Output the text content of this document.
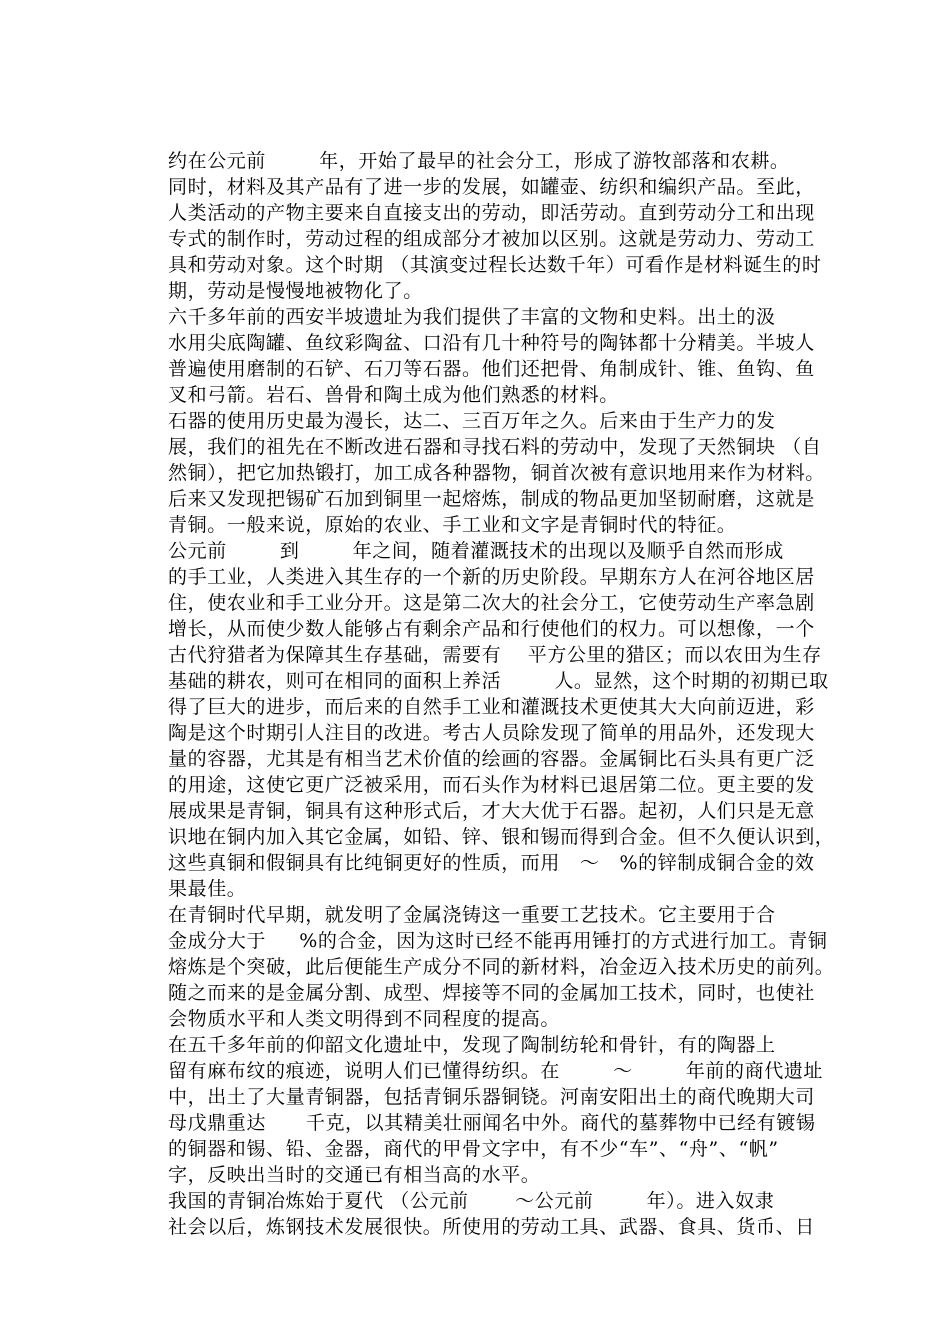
约在公元前        年，开始了最早的社会分工，形成了游牧部落和农耕。
同时，材料及其产品有了进一步的发展，如罐壶、纺织和编织产品。至此，
人类活动的产物主要来自直接支出的劳动，即活劳动。直到劳动分工和出现
专式的制作时，劳动过程的组成部分才被加以区别。这就是劳动力、劳动工
具和劳动对象。这个时期 （其演变过程长达数千年）可看作是材料诞生的时
期，劳动是慢慢地被物化了。
六千多年前的西安半坡遗址为我们提供了丰富的文物和史料。出土的汲
水用尖底陶罐、鱼纹彩陶盆、口沿有几十种符号的陶钵都十分精美。半坡人
普遍使用磨制的石铲、石刀等石器。他们还把骨、角制成针、锥、鱼钩、鱼
叉和弓箭。岩石、兽骨和陶土成为他们熟悉的材料。
石器的使用历史最为漫长，达二、三百万年之久。后来由于生产力的发
展，我们的祖先在不断改进石器和寻找石料的劳动中，发现了天然铜块 （自
然铜），把它加热锻打，加工成各种器物，铜首次被有意识地用来作为材料。
后来又发现把锡矿石加到铜里一起熔炼，制成的物品更加坚韧耐磨，这就是
青铜。一般来说，原始的农业、手工业和文字是青铜时代的特征。
公元前        到        年之间，随着灌溉技术的出现以及顺乎自然而形成
的手工业，人类进入其生存的一个新的历史阶段。早期东方人在河谷地区居
住，使农业和手工业分开。这是第二次大的社会分工，它使劳动生产率急剧
增长，从而使少数人能够占有剩余产品和行使他们的权力。可以想像，一个
古代狩猎者为保障其生存基础，需要有    平方公里的猎区；而以农田为生存
基础的耕农，则可在相同的面积上养活        人。显然，这个时期的初期已取
得了巨大的进步，而后来的自然手工业和灌溉技术更使其大大向前迈进，彩
陶是这个时期引人注目的改进。考古人员除发现了简单的用品外，还发现大
量的容器，尤其是有相当艺术价值的绘画的容器。金属铜比石头具有更广泛
的用途，这使它更广泛被采用，而石头作为材料已退居第二位。更主要的发
展成果是青铜，铜具有这种形式后，才大大优于石器。起初，人们只是无意
识地在铜内加入其它金属，如铅、锌、银和锡而得到合金。但不久便认识到，
这些真铜和假铜具有比纯铜更好的性质，而用   ～   %的锌制成铜合金的效
果最佳。
在青铜时代早期，就发明了金属浇铸这一重要工艺技术。它主要用于合
金成分大于     %的合金，因为这时已经不能再用锤打的方式进行加工。青铜
熔炼是个突破，此后便能生产成分不同的新材料，冶金迈入技术历史的前列。
随之而来的是金属分割、成型、焊接等不同的金属加工技术，同时，也使社
会物质水平和人类文明得到不同程度的提高。
在五千多年前的仰韶文化遗址中，发现了陶制纺轮和骨针，有的陶器上
留有麻布纹的痕迹，说明人们已懂得纺织。在        ～        年前的商代遗址
中，出土了大量青铜器，包括青铜乐器铜铙。河南安阳出土的商代晚期大司
母戊鼎重达      千克，以其精美壮丽闻名中外。商代的墓葬物中已经有镀锡
的铜器和锡、铅、金器，商代的甲骨文字中，有不少“车”、“舟”、“帆”
字，反映出当时的交通已有相当高的水平。
我国的青铜冶炼始于夏代 （公元前       ～公元前        年）。进入奴隶
社会以后，炼钢技术发展很快。所使用的劳动工具、武器、食具、货币、日
